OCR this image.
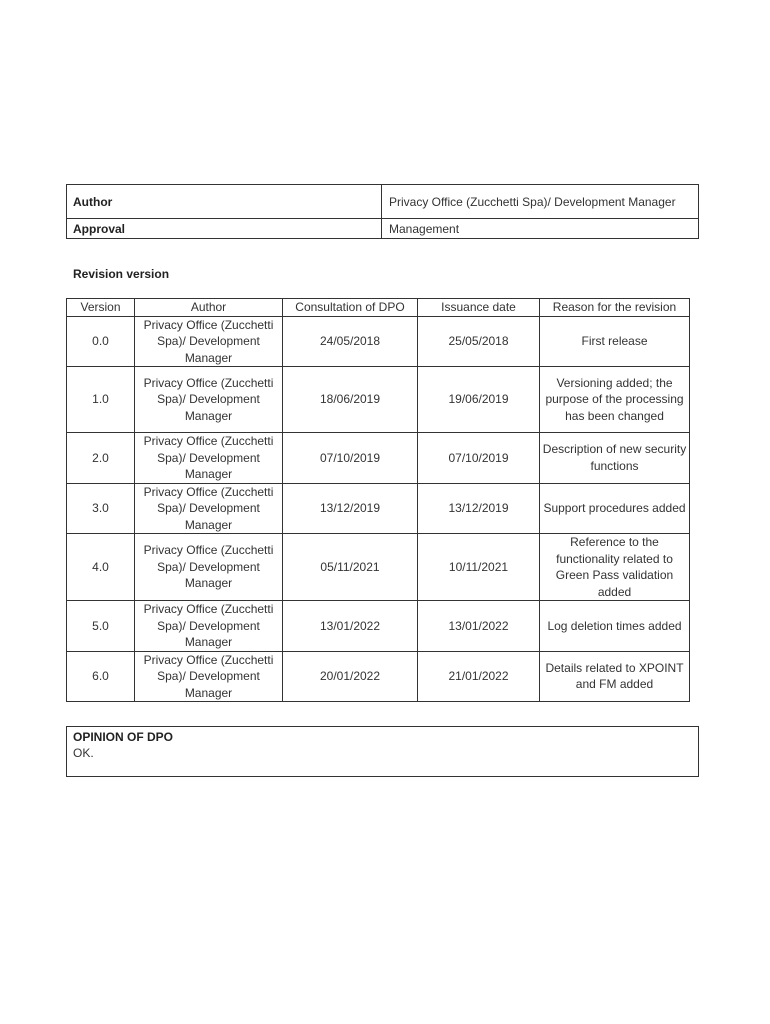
Author	Privacy Office (Zucchetti Spa)/ Development Manager
Approval	Management
Revision version
Version	Author	Consultation of DPO	Issuance date	Reason for the revision
0.0	Privacy Office (Zucchetti Spa)/ Development Manager	24/05/2018	25/05/2018	First release
1.0	Privacy Office (Zucchetti Spa)/ Development Manager	18/06/2019	19/06/2019	Versioning added; the purpose of the processing has been changed
2.0	Privacy Office (Zucchetti Spa)/ Development Manager	07/10/2019	07/10/2019	Description of new security functions
3.0	Privacy Office (Zucchetti Spa)/ Development Manager	13/12/2019	13/12/2019	Support procedures added
4.0	Privacy Office (Zucchetti Spa)/ Development Manager	05/11/2021	10/11/2021	Reference to the functionality related to Green Pass validation added
5.0	Privacy Office (Zucchetti Spa)/ Development Manager	13/01/2022	13/01/2022	Log deletion times added
6.0	Privacy Office (Zucchetti Spa)/ Development Manager	20/01/2022	21/01/2022	Details related to XPOINT and FM added
OPINION OF DPO
OK.
